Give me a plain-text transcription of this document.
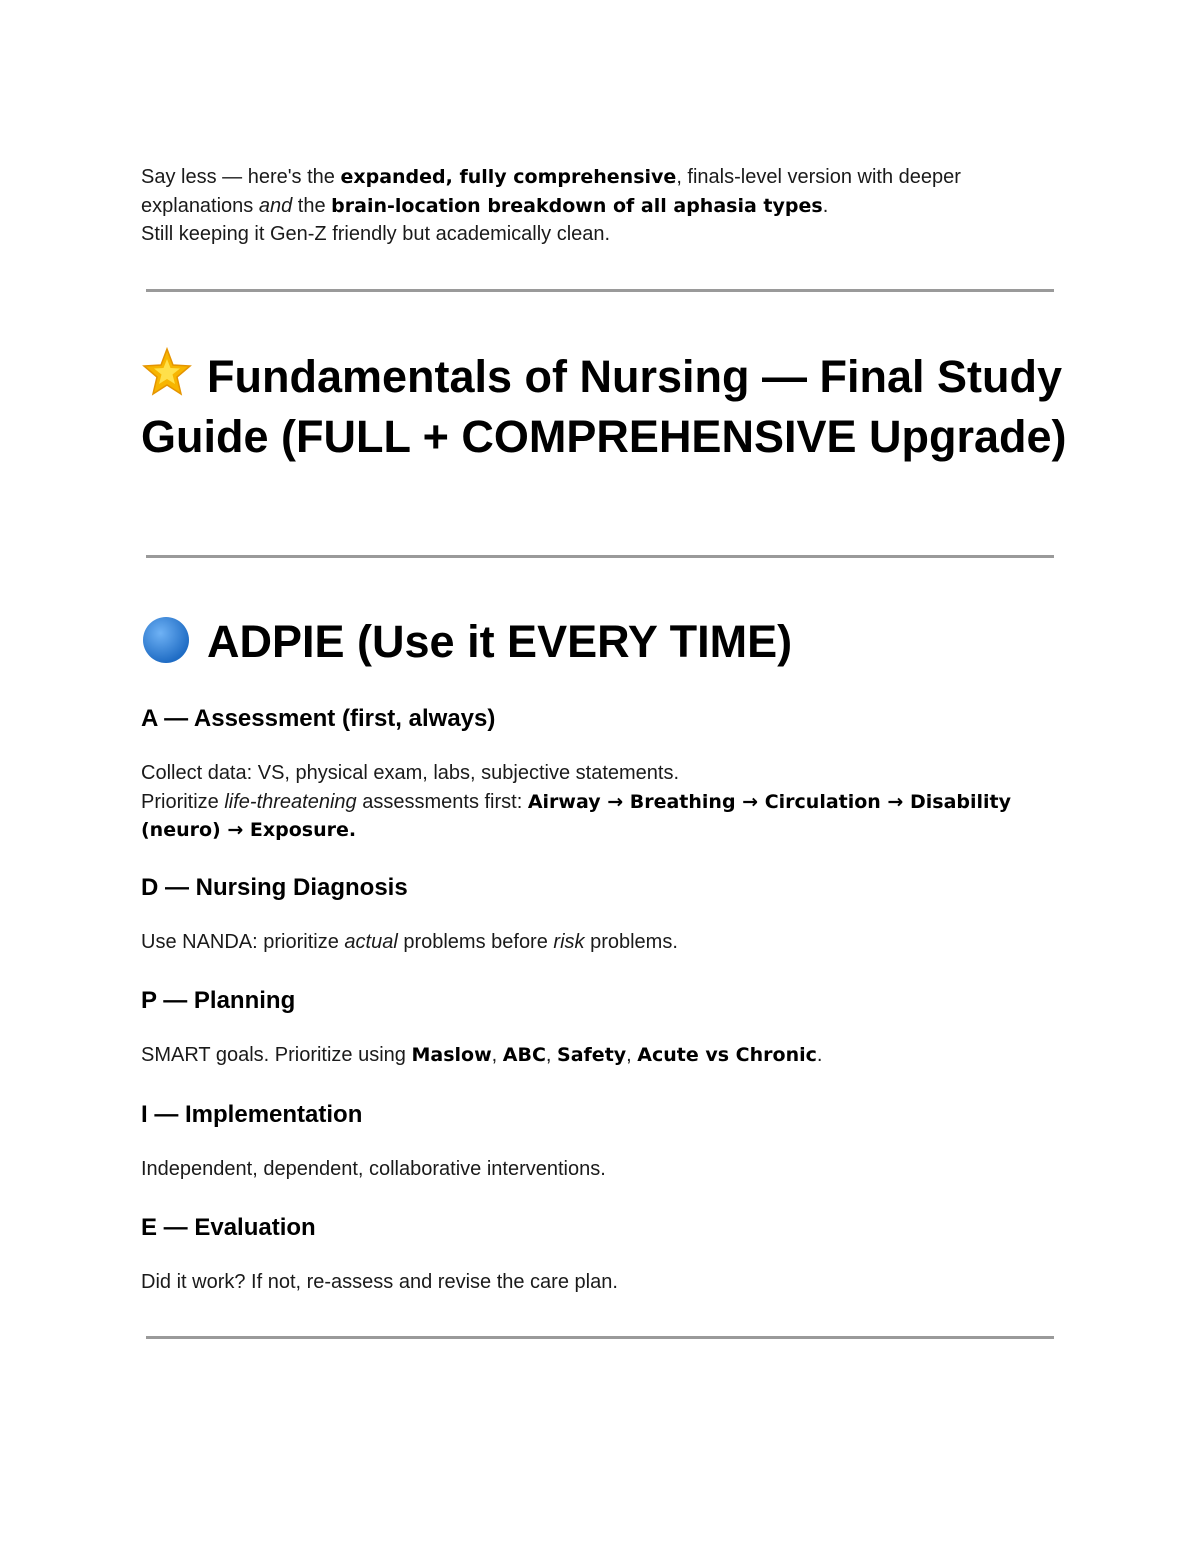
Say less — here's the expanded, fully comprehensive, finals-level version with deeper
explanations and the brain-location breakdown of all aphasia types.
Still keeping it Gen-Z friendly but academically clean.

Fundamentals of Nursing — Final Study Guide (FULL + COMPREHENSIVE Upgrade)
ADPIE (Use it EVERY TIME)
A — Assessment (first, always)

Collect data: VS, physical exam, labs, subjective statements.
Prioritize life-threatening assessments first: Airway → Breathing → Circulation → Disability
(neuro) → Exposure.

D — Nursing Diagnosis

Use NANDA: prioritize actual problems before risk problems.

P — Planning

SMART goals. Prioritize using Maslow, ABC, Safety, Acute vs Chronic.

I — Implementation

Independent, dependent, collaborative interventions.

E — Evaluation

Did it work? If not, re-assess and revise the care plan.
